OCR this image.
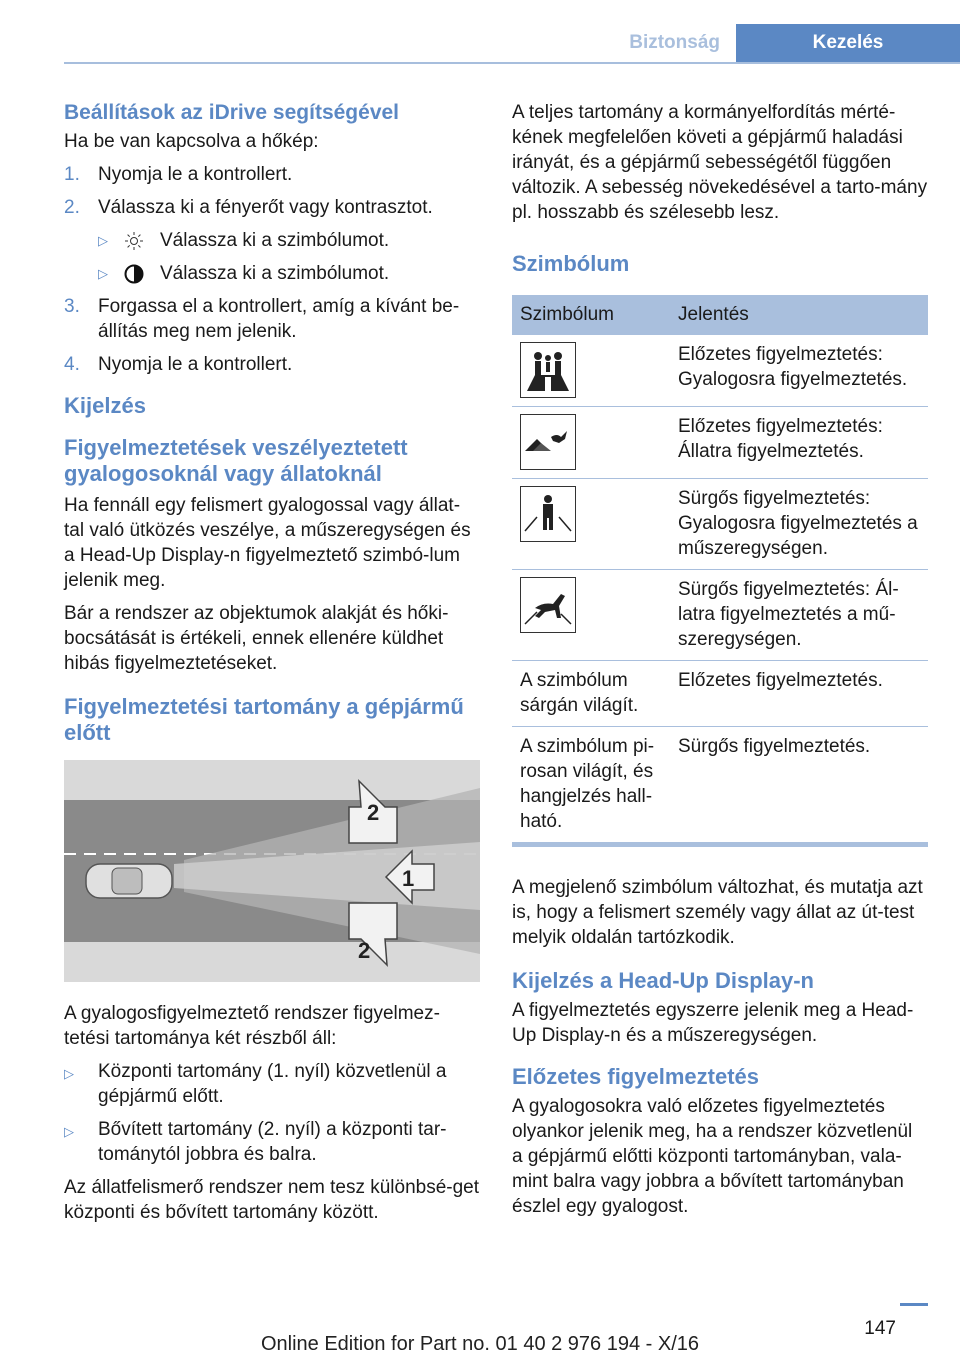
Biztonság	Kezelés
Beállítások az iDrive segítségével

Ha be van kapcsolva a hőkép:

1. Nyomja le a kontrollert.
2. Válassza ki a fényerőt vagy kontrasztot.
▷	Válassza ki a szimbólumot.
▷	Válassza ki a szimbólumot.
3. Forgassa el a kontrollert, amíg a kívánt be-állítás meg nem jelenik.
4. Nyomja le a kontrollert.
Kijelzés
Figyelmeztetések veszélyeztetett gyalogosoknál vagy állatoknál

Ha fennáll egy felismert gyalogossal vagy állat-tal való ütközés veszélye, a műszeregységen és a Head-Up Display-n figyelmeztető szimbó-lum jelenik meg.

Bár a rendszer az objektumok alakját és hőki-bocsátását is értékeli, ennek ellenére küldhet hibás figyelmeztetéseket.

Figyelmeztetési tartomány a gépjármű előtt
2
1
2

A gyalogosfigyelmeztető rendszer figyelmez-tetési tartománya két részből áll:

▷ Központi tartomány (1. nyíl) közvetlenül a gépjármű előtt.
▷ Bővített tartomány (2. nyíl) a központi tar-tománytól jobbra és balra.

Az állatfelismerő rendszer nem tesz különbsé-get központi és bővített tartomány között.

A teljes tartomány a kormányelfordítás mérté-kének megfelelően követi a gépjármű haladási irányát, és a gépjármű sebességétől függően változik. A sebesség növekedésével a tarto-mány pl. hosszabb és szélesebb lesz.

Szimbólum
Szimbólum	Jelentés

	Előzetes figyelmeztetés: Gyalogosra figyelmeztetés.

	Előzetes figyelmeztetés: Állatra figyelmeztetés.

	Sürgős figyelmeztetés: Gyalogosra figyelmeztetés a műszeregységen.

	Sürgős figyelmeztetés: Ál-latra figyelmeztetés a mű-szeregységen.
A szimbólum sárgán világít.	Előzetes figyelmeztetés.
A szimbólum pi-rosan világít, és hangjelzés hall-ható.	Sürgős figyelmeztetés.

A megjelenő szimbólum változhat, és mutatja azt is, hogy a felismert személy vagy állat az út-test melyik oldalán tartózkodik.

Kijelzés a Head-Up Display-n

A figyelmeztetés egyszerre jelenik meg a Head-Up Display-n és a műszeregységen.

Előzetes figyelmeztetés

A gyalogosokra való előzetes figyelmeztetés olyankor jelenik meg, ha a rendszer közvetlenül a gépjármű előtti központi tartományban, vala-mint balra vagy jobbra a bővített tartományban észlel egy gyalogost.

147
Online Edition for Part no. 01 40 2 976 194 - X/16
